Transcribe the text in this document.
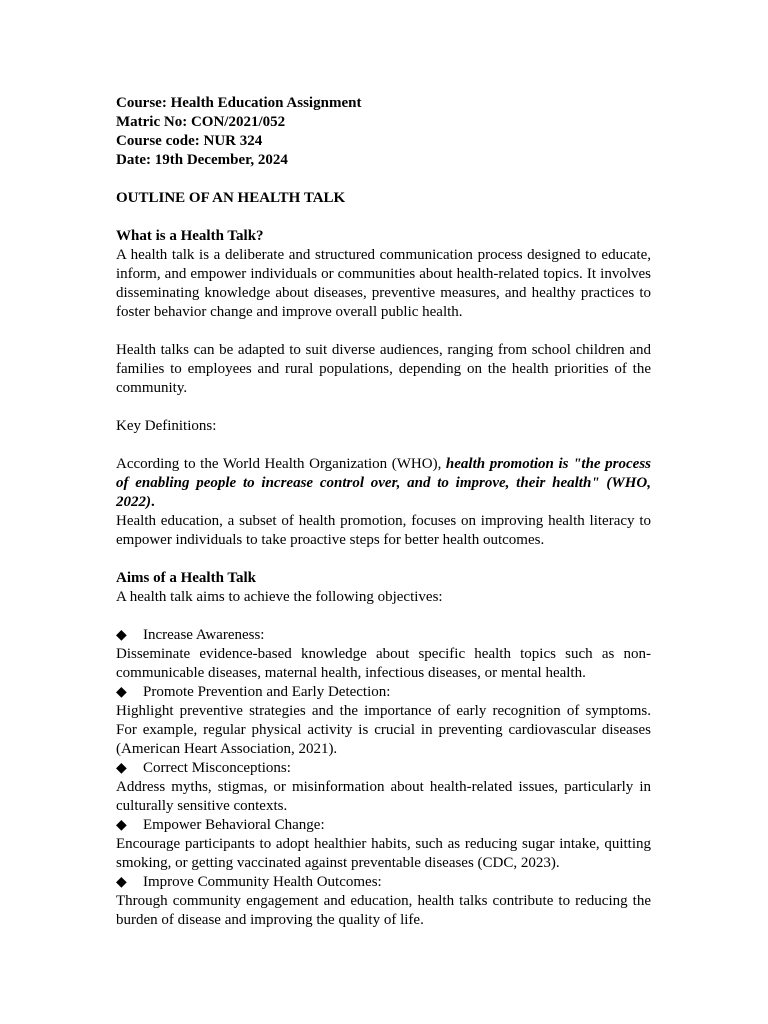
Course: Health Education Assignment
Matric No: CON/2021/052
Course code: NUR 324
Date: 19th December, 2024
OUTLINE OF AN HEALTH TALK
What is a Health Talk?

A health talk is a deliberate and structured communication process designed to educate, inform, and empower individuals or communities about health-related topics. It involves disseminating knowledge about diseases, preventive measures, and healthy practices to foster behavior change and improve overall public health.

Health talks can be adapted to suit diverse audiences, ranging from school children and families to employees and rural populations, depending on the health priorities of the community.

Key Definitions:

According to the World Health Organization (WHO), health promotion is "the process of enabling people to increase control over, and to improve, their health" (WHO, 2022).

Health education, a subset of health promotion, focuses on improving health literacy to empower individuals to take proactive steps for better health outcomes.

Aims of a Health Talk
A health talk aims to achieve the following objectives:
◆	Increase Awareness:

Disseminate evidence-based knowledge about specific health topics such as non-communicable diseases, maternal health, infectious diseases, or mental health.

◆	Promote Prevention and Early Detection:

Highlight preventive strategies and the importance of early recognition of symptoms. For example, regular physical activity is crucial in preventing cardiovascular diseases (American Heart Association, 2021).

◆	Correct Misconceptions:

Address myths, stigmas, or misinformation about health-related issues, particularly in culturally sensitive contexts.

◆	Empower Behavioral Change:

Encourage participants to adopt healthier habits, such as reducing sugar intake, quitting smoking, or getting vaccinated against preventable diseases (CDC, 2023).

◆	Improve Community Health Outcomes:

Through community engagement and education, health talks contribute to reducing the burden of disease and improving the quality of life.
